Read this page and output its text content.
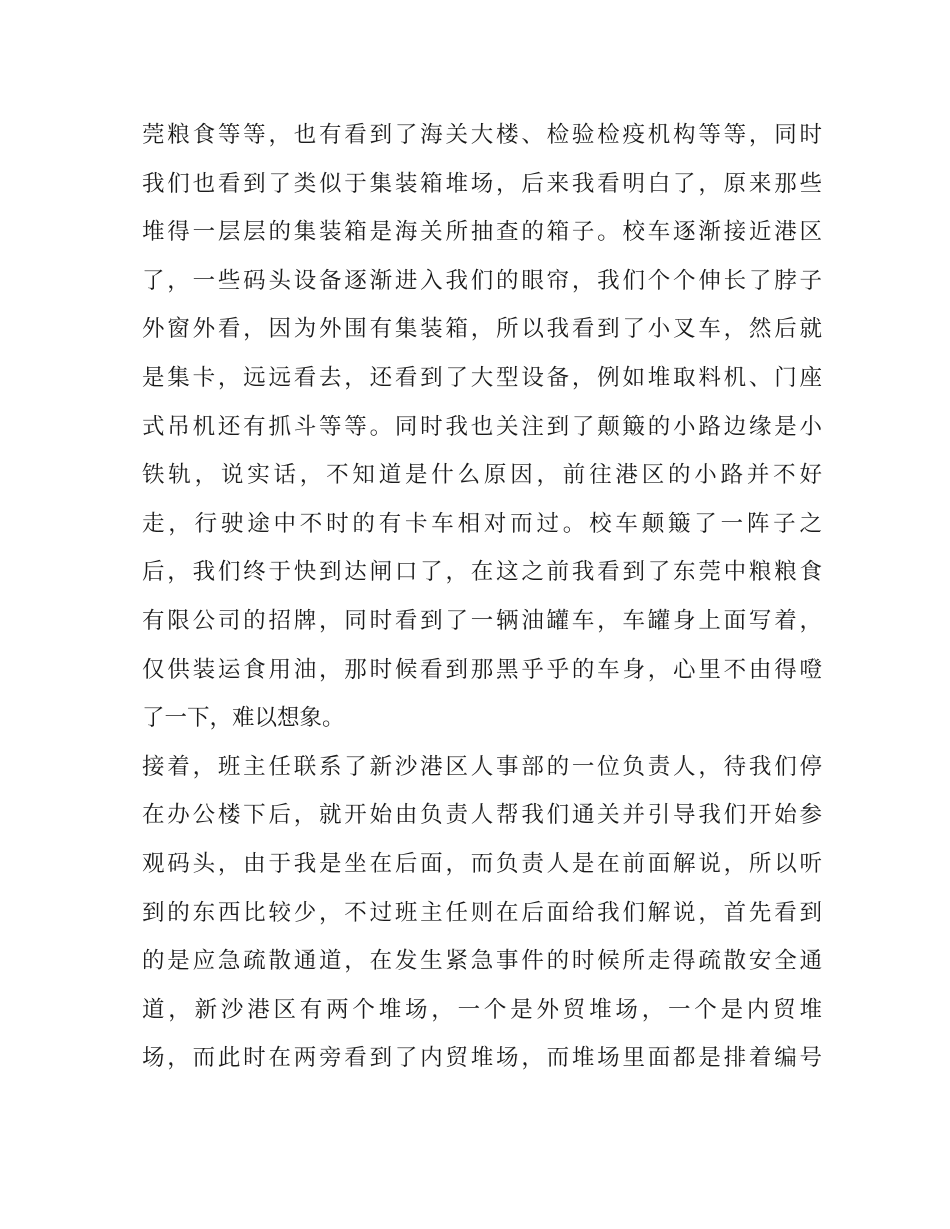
莞粮食等等，也有看到了海关大楼、检验检疫机构等等，同时
我们也看到了类似于集装箱堆场，后来我看明白了，原来那些
堆得一层层的集装箱是海关所抽查的箱子。校车逐渐接近港区
了，一些码头设备逐渐进入我们的眼帘，我们个个伸长了脖子
外窗外看，因为外围有集装箱，所以我看到了小叉车，然后就
是集卡，远远看去，还看到了大型设备，例如堆取料机、门座
式吊机还有抓斗等等。同时我也关注到了颠簸的小路边缘是小
铁轨，说实话，不知道是什么原因，前往港区的小路并不好
走，行驶途中不时的有卡车相对而过。校车颠簸了一阵子之
后，我们终于快到达闸口了，在这之前我看到了东莞中粮粮食
有限公司的招牌，同时看到了一辆油罐车，车罐身上面写着，
仅供装运食用油，那时候看到那黑乎乎的车身，心里不由得噔
了一下，难以想象。
接着，班主任联系了新沙港区人事部的一位负责人，待我们停
在办公楼下后，就开始由负责人帮我们通关并引导我们开始参
观码头，由于我是坐在后面，而负责人是在前面解说，所以听
到的东西比较少，不过班主任则在后面给我们解说，首先看到
的是应急疏散通道，在发生紧急事件的时候所走得疏散安全通
道，新沙港区有两个堆场，一个是外贸堆场，一个是内贸堆
场，而此时在两旁看到了内贸堆场，而堆场里面都是排着编号
